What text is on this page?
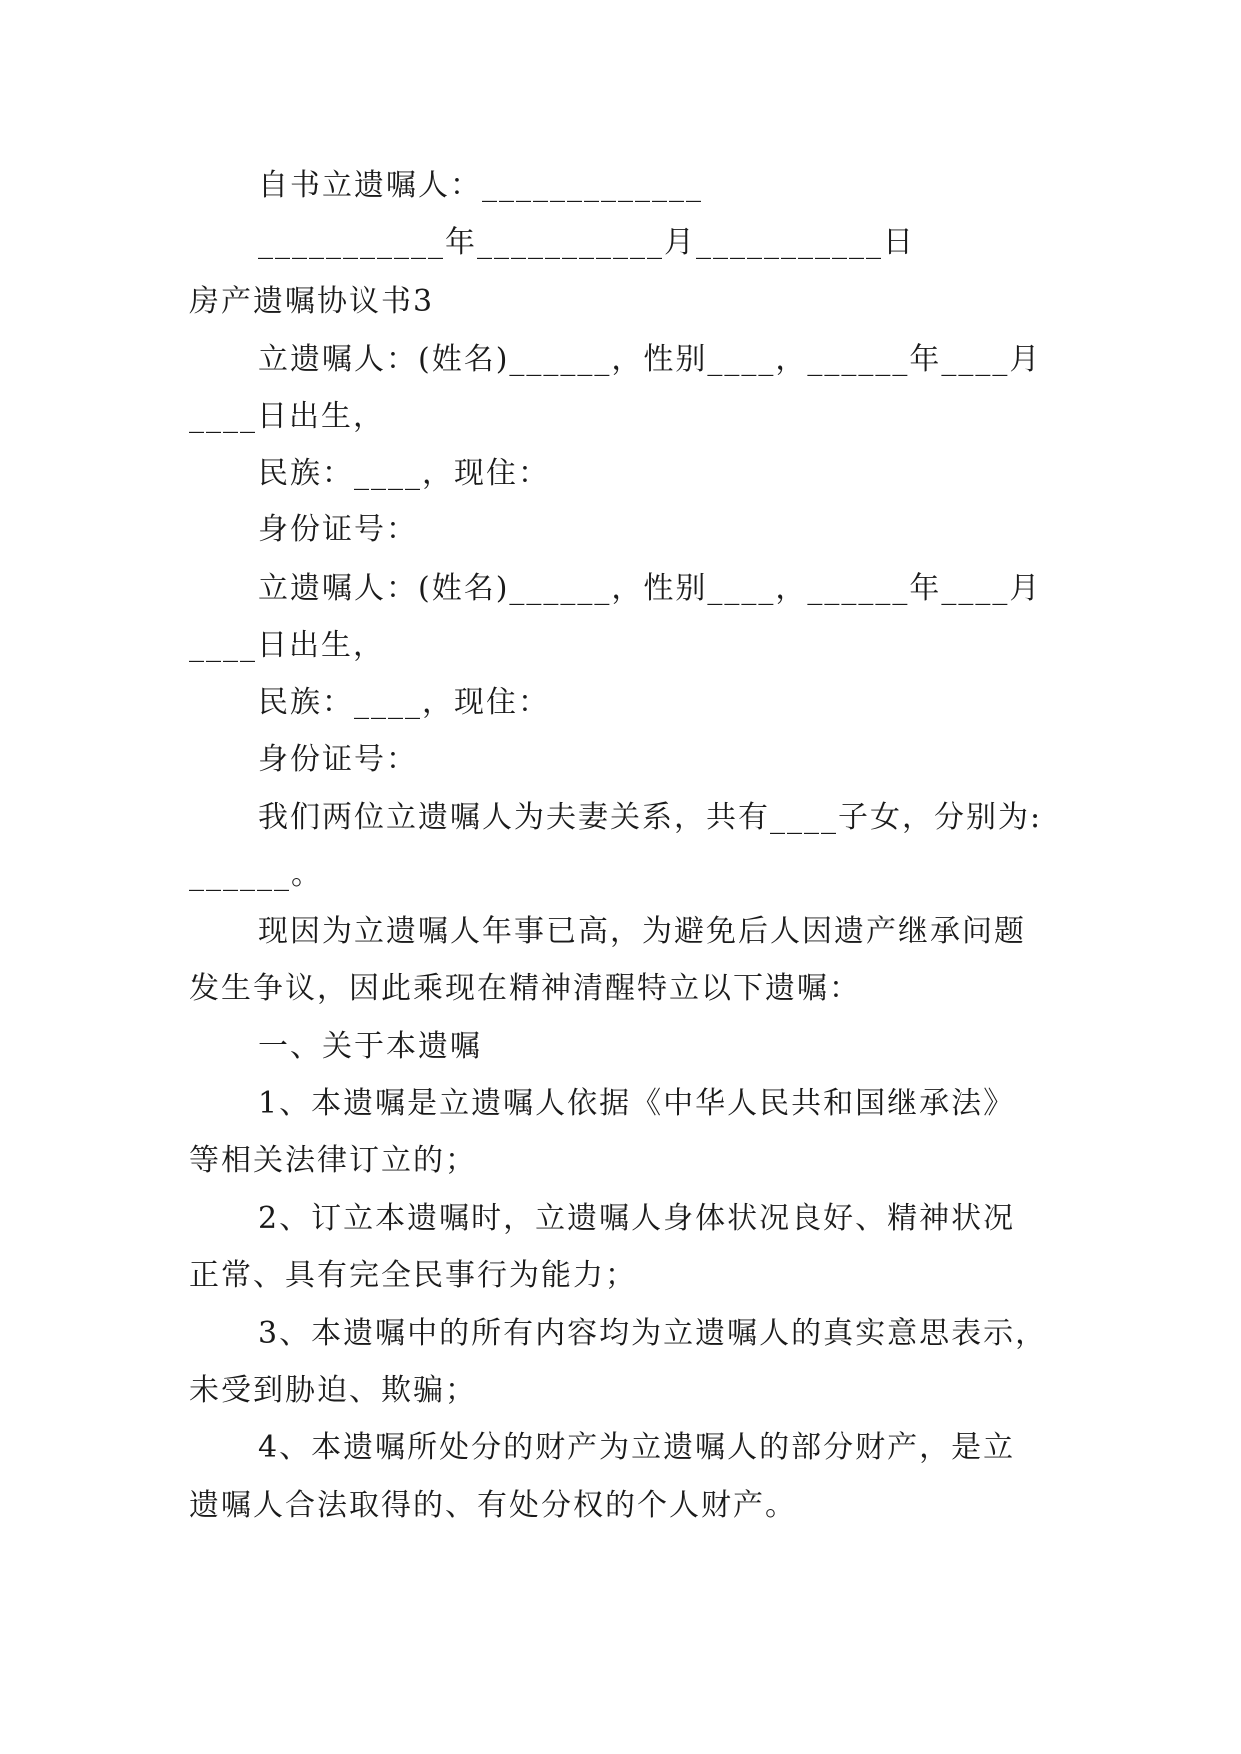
自书立遗嘱人：_____________
___________年___________月___________日
房产遗嘱协议书3
立遗嘱人：(姓名)______，性别____，______年____月
____日出生，
民族：____，现住：
身份证号：
立遗嘱人：(姓名)______，性别____，______年____月
____日出生，
民族：____，现住：
身份证号：
我们两位立遗嘱人为夫妻关系，共有____子女，分别为:
______。
现因为立遗嘱人年事已高，为避免后人因遗产继承问题
发生争议，因此乘现在精神清醒特立以下遗嘱：
一、关于本遗嘱
1、本遗嘱是立遗嘱人依据《中华人民共和国继承法》
等相关法律订立的；
2、订立本遗嘱时，立遗嘱人身体状况良好、精神状况
正常、具有完全民事行为能力；
3、本遗嘱中的所有内容均为立遗嘱人的真实意思表示，
未受到胁迫、欺骗；
4、本遗嘱所处分的财产为立遗嘱人的部分财产，是立
遗嘱人合法取得的、有处分权的个人财产。
